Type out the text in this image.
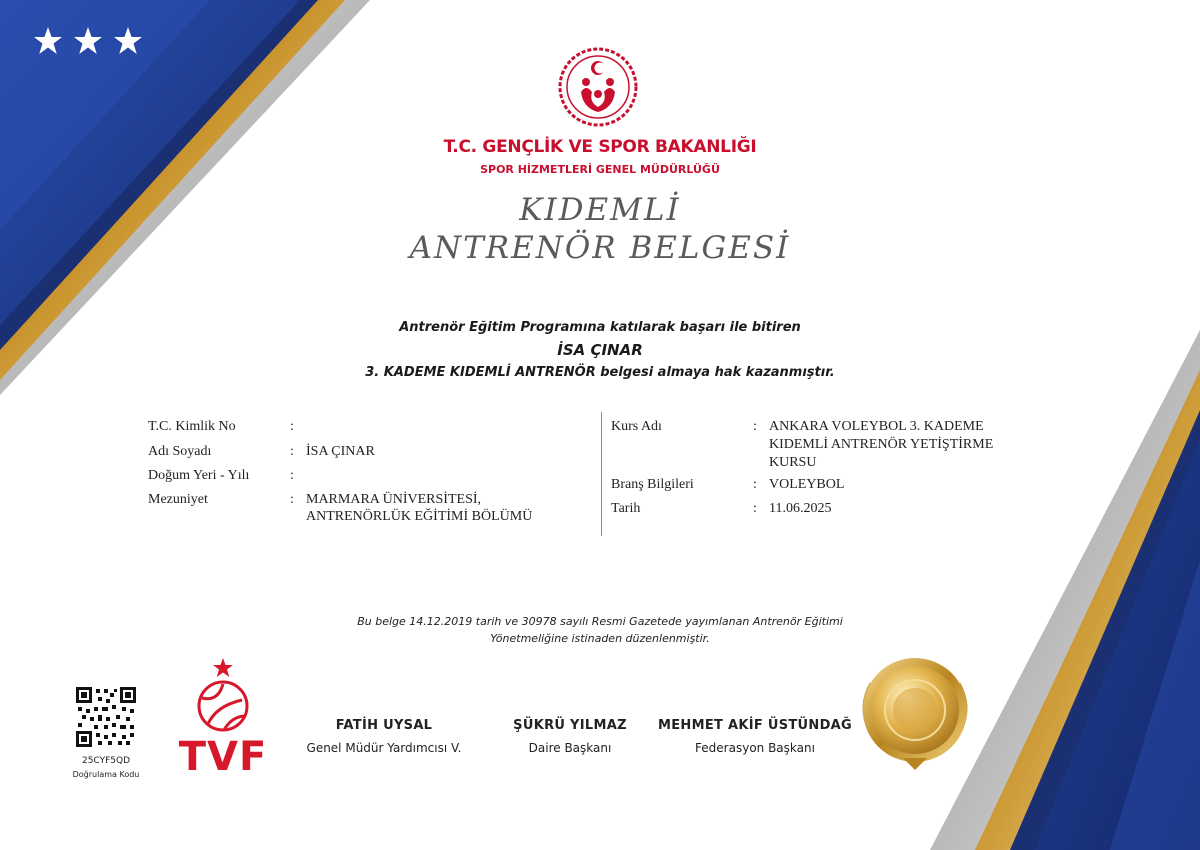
T.C. GENÇLİK VE SPOR BAKANLIĞI
SPOR HİZMETLERİ GENEL MÜDÜRLÜĞÜ
KIDEMLİ
ANTRENÖR BELGESİ
Antrenör Eğitim Programına katılarak başarı ile bitiren
İSA ÇINAR
3. KADEME KIDEMLİ ANTRENÖR belgesi almaya hak kazanmıştır.
T.C. Kimlik No	:
Adı Soyadı	: İSA ÇINAR
Doğum Yeri - Yılı	:
Mezuniyet	: MARMARA ÜNİVERSİTESİ,
ANTRENÖRLÜK EĞİTİMİ BÖLÜMÜ
Kurs Adı	: ANKARA VOLEYBOL 3. KADEME
KIDEMLİ ANTRENÖR YETİŞTİRME
KURSU
Branş Bilgileri	: VOLEYBOL
Tarih	: 11.06.2025
Bu belge 14.12.2019 tarih ve 30978 sayılı Resmi Gazetede yayımlanan Antrenör Eğitimi
Yönetmeliğine istinaden düzenlenmiştir.
25CYF5QD
Doğrulama Kodu TVF
FATİH UYSAL
Genel Müdür Yardımcısı V.
ŞÜKRÜ YILMAZ
Daire Başkanı
MEHMET AKİF ÜSTÜNDAĞ
Federasyon Başkanı
